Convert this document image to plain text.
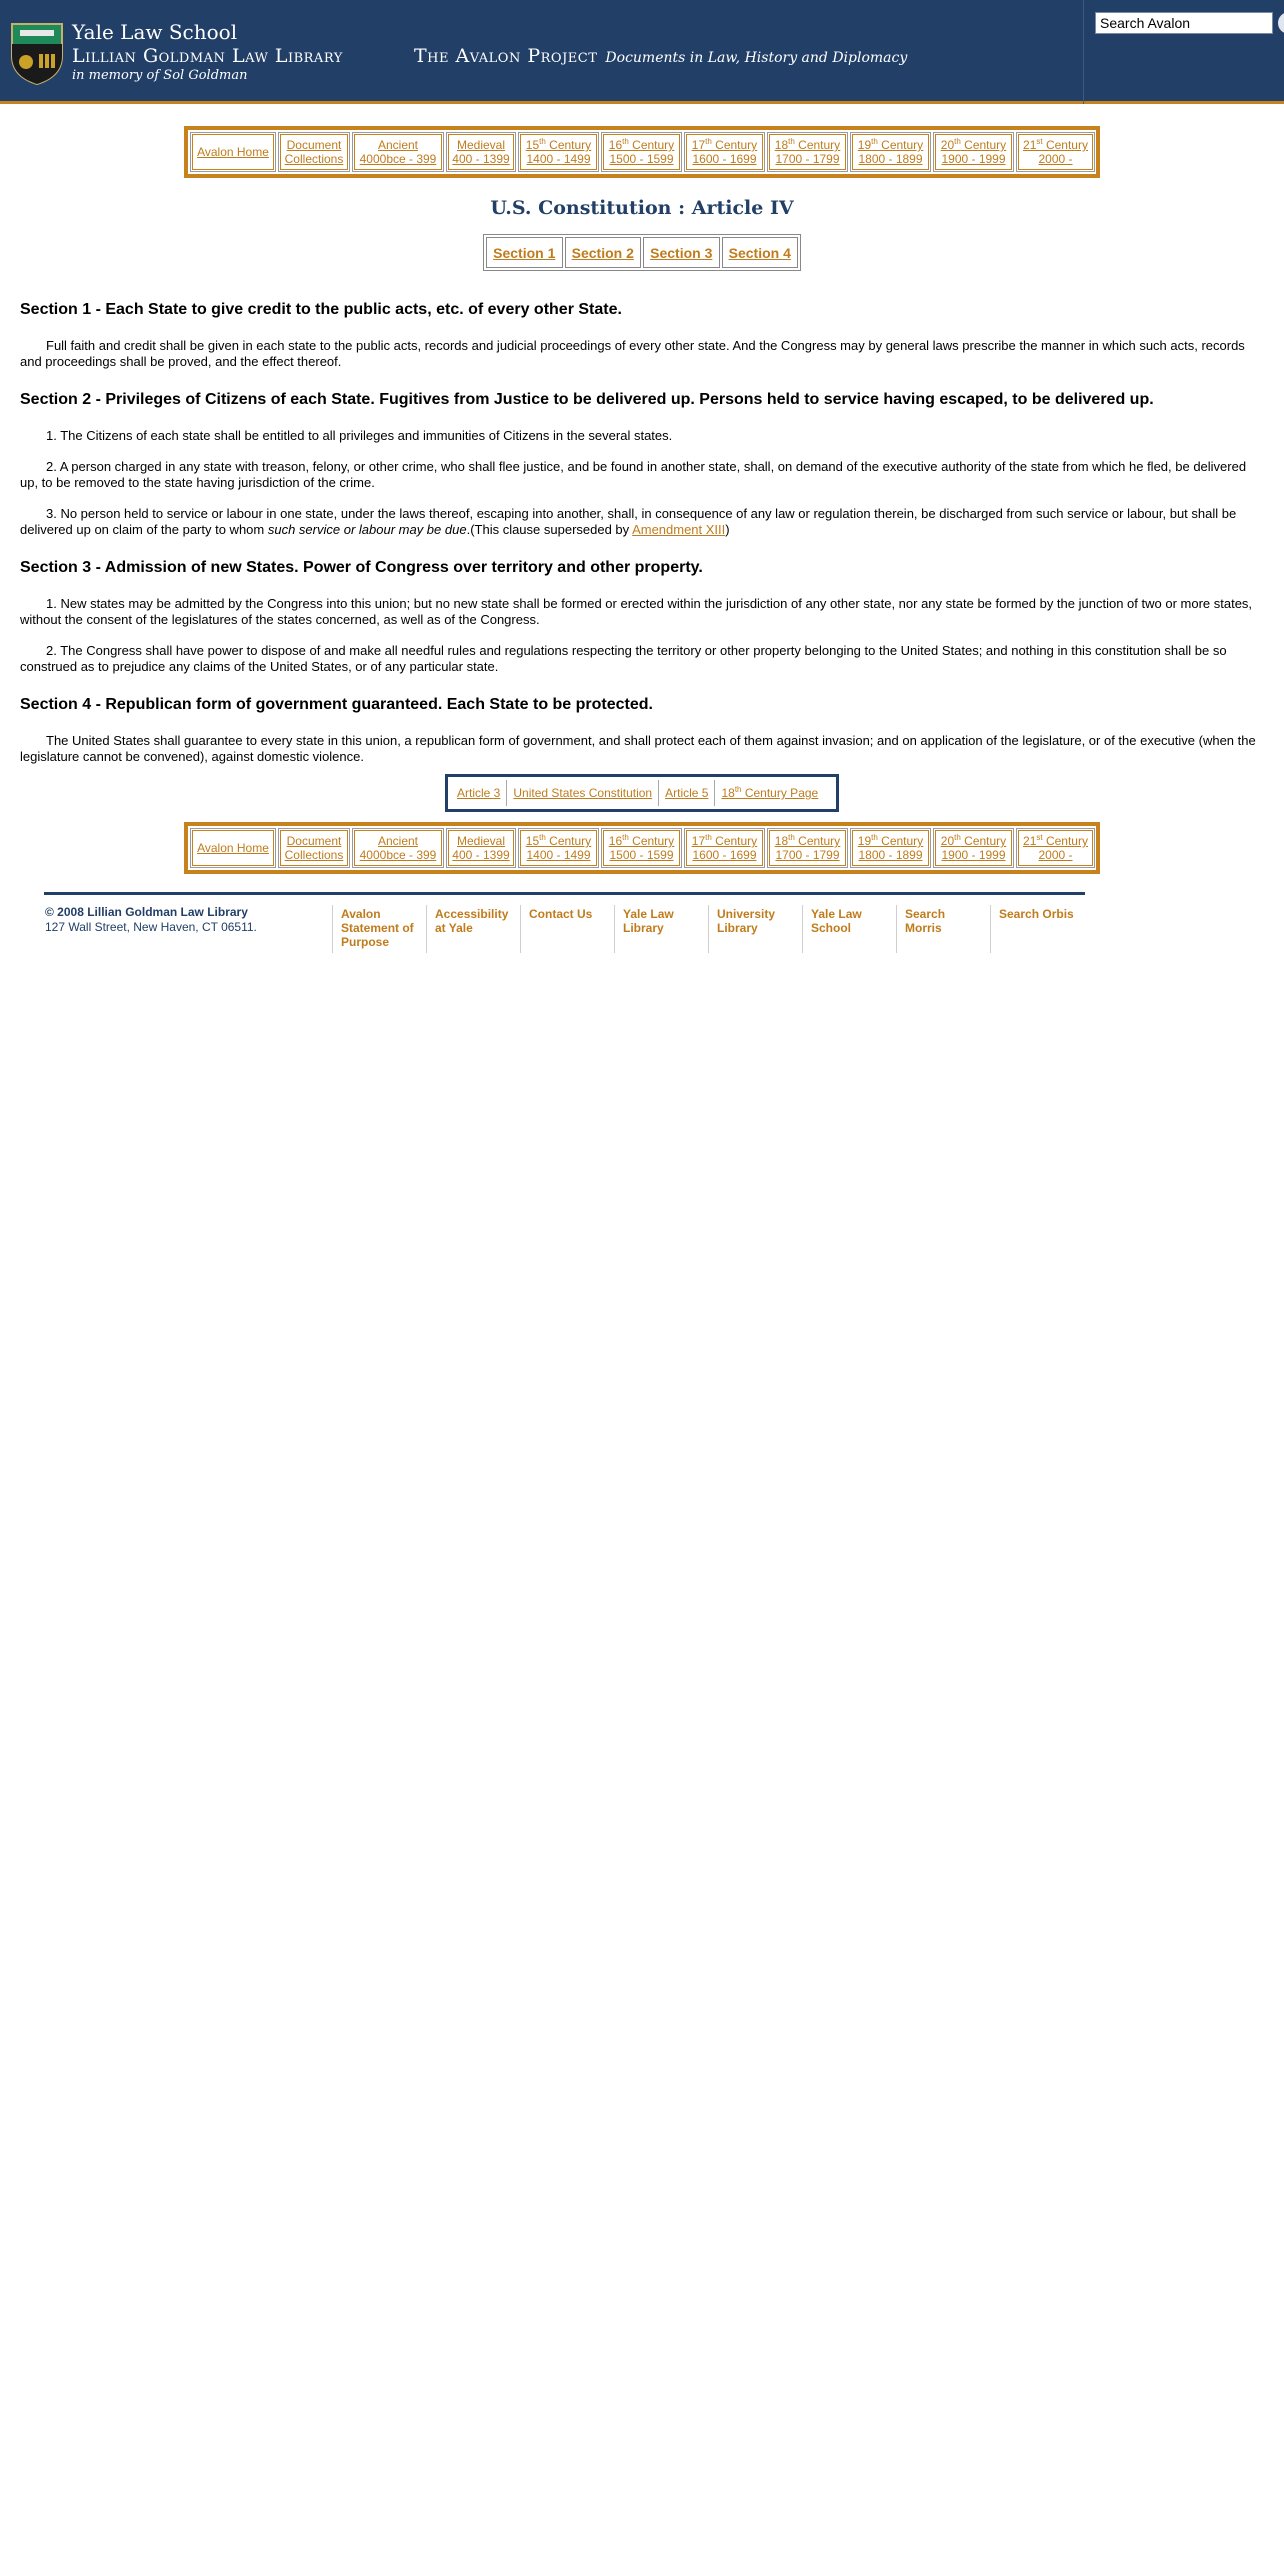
Yale Law School
Lillian Goldman Law Library
in memory of Sol Goldman
The Avalon Project Documents in Law, History and Diplomacy
Search Avalon
Avalon Home Document
Collections
Ancient
4000bce - 399
Medieval
400 - 1399
15th Century
1400 - 1499
16th Century
1500 - 1599
17th Century
1600 - 1699
18th Century
1700 - 1799
19th Century
1800 - 1899
20th Century
1900 - 1999
21st Century
2000 -
U.S. Constitution : Article IV
Section 1 Section 2 Section 3 Section 4
Section 1 - Each State to give credit to the public acts, etc. of every other State.

Full faith and credit shall be given in each state to the public acts, records and judicial proceedings of every other state. And the Congress may by general laws prescribe the manner in which such acts, records and proceedings shall be proved, and the effect thereof.

Section 2 - Privileges of Citizens of each State. Fugitives from Justice to be delivered up. Persons held to service having escaped, to be delivered up.

1. The Citizens of each state shall be entitled to all privileges and immunities of Citizens in the several states.

2. A person charged in any state with treason, felony, or other crime, who shall flee justice, and be found in another state, shall, on demand of the executive authority of the state from which he fled, be delivered up, to be removed to the state having jurisdiction of the crime.

3. No person held to service or labour in one state, under the laws thereof, escaping into another, shall, in consequence of any law or regulation therein, be discharged from such service or labour, but shall be delivered up on claim of the party to whom such service or labour may be due.(This clause superseded by Amendment XIII)

Section 3 - Admission of new States. Power of Congress over territory and other property.

1. New states may be admitted by the Congress into this union; but no new state shall be formed or erected within the jurisdiction of any other state, nor any state be formed by the junction of two or more states, without the consent of the legislatures of the states concerned, as well as of the Congress.

2. The Congress shall have power to dispose of and make all needful rules and regulations respecting the territory or other property belonging to the United States; and nothing in this constitution shall be so construed as to prejudice any claims of the United States, or of any particular state.

Section 4 - Republican form of government guaranteed. Each State to be protected.

The United States shall guarantee to every state in this union, a republican form of government, and shall protect each of them against invasion; and on application of the legislature, or of the executive (when the legislature cannot be convened), against domestic violence.

Article 3 United States Constitution Article 5 18th Century Page
Avalon Home Document
Collections
Ancient
4000bce - 399
Medieval
400 - 1399
15th Century
1400 - 1499
16th Century
1500 - 1599
17th Century
1600 - 1699
18th Century
1700 - 1799
19th Century
1800 - 1899
20th Century
1900 - 1999
21st Century
2000 -
© 2008 Lillian Goldman Law Library
127 Wall Street, New Haven, CT 06511.
Avalon Statement of Purpose
Accessibility at Yale
Contact Us	Yale Law Library
University Library
Yale Law School
Search Morris
Search Orbis
